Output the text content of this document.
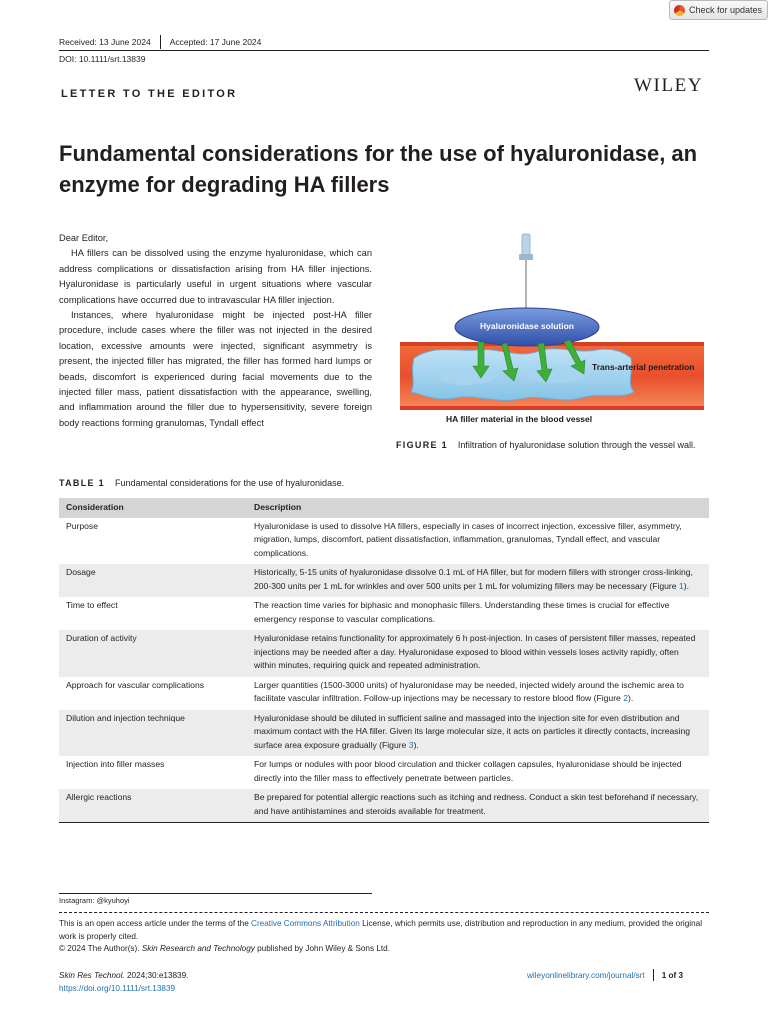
Check for updates
Received: 13 June 2024 Accepted: 17 June 2024
DOI: 10.1111/srt.13839
LETTER TO THE EDITOR	WILEY
Fundamental considerations for the use of hyaluronidase, an enzyme for degrading HA fillers

Dear Editor,

HA fillers can be dissolved using the enzyme hyaluronidase, which can address complications or dissatisfaction arising from HA filler injections. Hyaluronidase is particularly useful in urgent situations where vascular complications have occurred due to intravascular HA filler injection.

Instances, where hyaluronidase might be injected post-HA filler procedure, include cases where the filler was not injected in the desired location, excessive amounts were injected, significant asymmetry is present, the injected filler has migrated, the filler has formed hard lumps or beads, discomfort is experienced during facial movements due to the injected filler mass, patient dissatisfaction with the appearance, swelling, and inflammation around the filler due to hypersensitivity, severe foreign body reactions forming granulomas, Tyndall effect

Hyaluronidase solution
Trans-arterial penetration
HA filler material in the blood vessel
FIGURE 1 Infiltration of hyaluronidase solution through the vessel wall.
TABLE 1 Fundamental considerations for the use of hyaluronidase.
Consideration	Description
Purpose	Hyaluronidase is used to dissolve HA fillers, especially in cases of incorrect injection, excessive filler, asymmetry, migration, lumps, discomfort, patient dissatisfaction, inflammation, granulomas, Tyndall effect, and vascular complications.
Dosage	Historically, 5-15 units of hyaluronidase dissolve 0.1 mL of HA filler, but for modern fillers with stronger cross-linking, 200-300 units per 1 mL for wrinkles and over 500 units per 1 mL for volumizing fillers may be necessary (Figure 1).
Time to effect	The reaction time varies for biphasic and monophasic fillers. Understanding these times is crucial for effective emergency response to vascular complications.
Duration of activity	Hyaluronidase retains functionality for approximately 6 h post-injection. In cases of persistent filler masses, repeated injections may be needed after a day. Hyaluronidase exposed to blood within vessels loses activity rapidly, often within minutes, requiring quick and repeated administration.
Approach for vascular complications	Larger quantities (1500-3000 units) of hyaluronidase may be needed, injected widely around the ischemic area to facilitate vascular infiltration. Follow-up injections may be necessary to restore blood flow (Figure 2).
Dilution and injection technique	Hyaluronidase should be diluted in sufficient saline and massaged into the injection site for even distribution and maximum contact with the HA filler. Given its large molecular size, it acts on particles it directly contacts, increasing surface area exposure gradually (Figure 3).
Injection into filler masses	For lumps or nodules with poor blood circulation and thicker collagen capsules, hyaluronidase should be injected directly into the filler mass to effectively penetrate between particles.
Allergic reactions	Be prepared for potential allergic reactions such as itching and redness. Conduct a skin test beforehand if necessary, and have antihistamines and steroids available for treatment.
Instagram: @kyuhoyi
This is an open access article under the terms of the Creative Commons Attribution License, which permits use, distribution and reproduction in any medium, provided the original work is properly cited.
© 2024 The Author(s). Skin Research and Technology published by John Wiley & Sons Ltd.
Skin Res Technol. 2024;30:e13839.
https://doi.org/10.1111/srt.13839
wileyonlinelibrary.com/journal/srt 1 of 3
